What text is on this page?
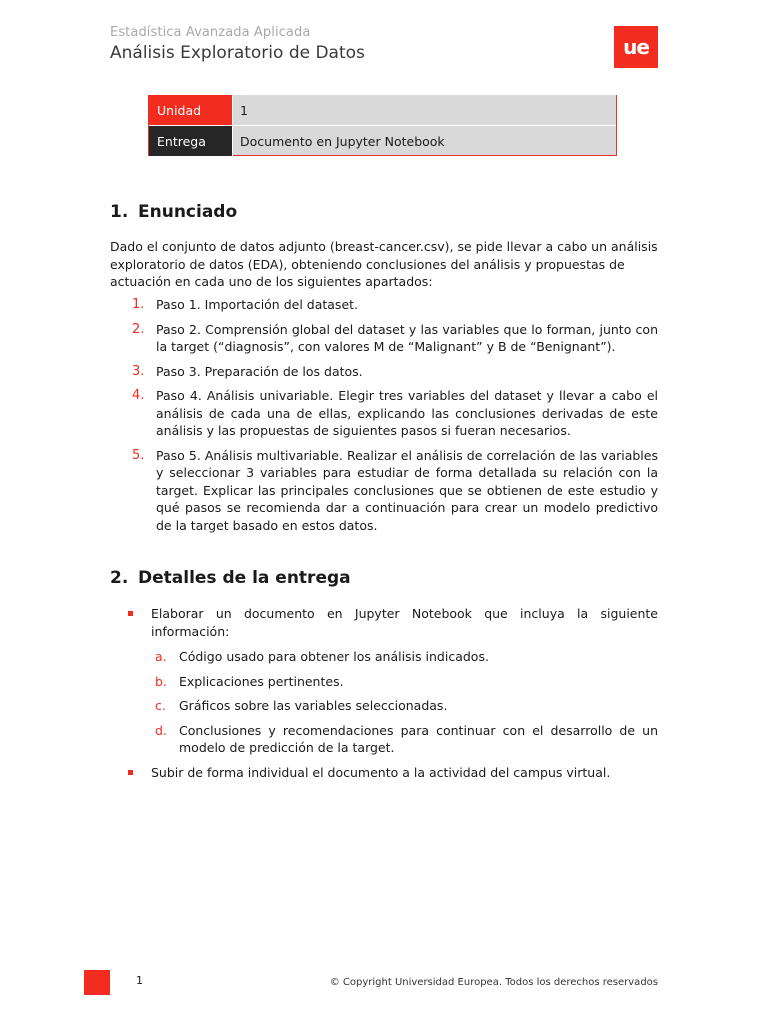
Estadística Avanzada Aplicada
Análisis Exploratorio de Datos	ue
Unidad	1
Entrega	Documento en Jupyter Notebook
1. Enunciado
Dado el conjunto de datos adjunto (breast-cancer.csv), se pide llevar a cabo un análisis exploratorio de datos (EDA), obteniendo conclusiones del análisis y propuestas de actuación en cada uno de los siguientes apartados:
1. Paso 1. Importación del dataset.
2. Paso 2. Comprensión global del dataset y las variables que lo forman, junto con la target (“diagnosis”, con valores M de “Malignant” y B de “Benignant”).
3. Paso 3. Preparación de los datos.
4. Paso 4. Análisis univariable. Elegir tres variables del dataset y llevar a cabo el análisis de cada una de ellas, explicando las conclusiones derivadas de este análisis y las propuestas de siguientes pasos si fueran necesarios.
5. Paso 5. Análisis multivariable. Realizar el análisis de correlación de las variables y seleccionar 3 variables para estudiar de forma detallada su relación con la target. Explicar las principales conclusiones que se obtienen de este estudio y qué pasos se recomienda dar a continuación para crear un modelo predictivo de la target basado en estos datos.
2. Detalles de la entrega
Elaborar un documento en Jupyter Notebook que incluya la siguiente información:
a. Código usado para obtener los análisis indicados.
b. Explicaciones pertinentes.
c. Gráficos sobre las variables seleccionadas.
d. Conclusiones y recomendaciones para continuar con el desarrollo de un modelo de predicción de la target.
Subir de forma individual el documento a la actividad del campus virtual.
1	© Copyright Universidad Europea. Todos los derechos reservados
